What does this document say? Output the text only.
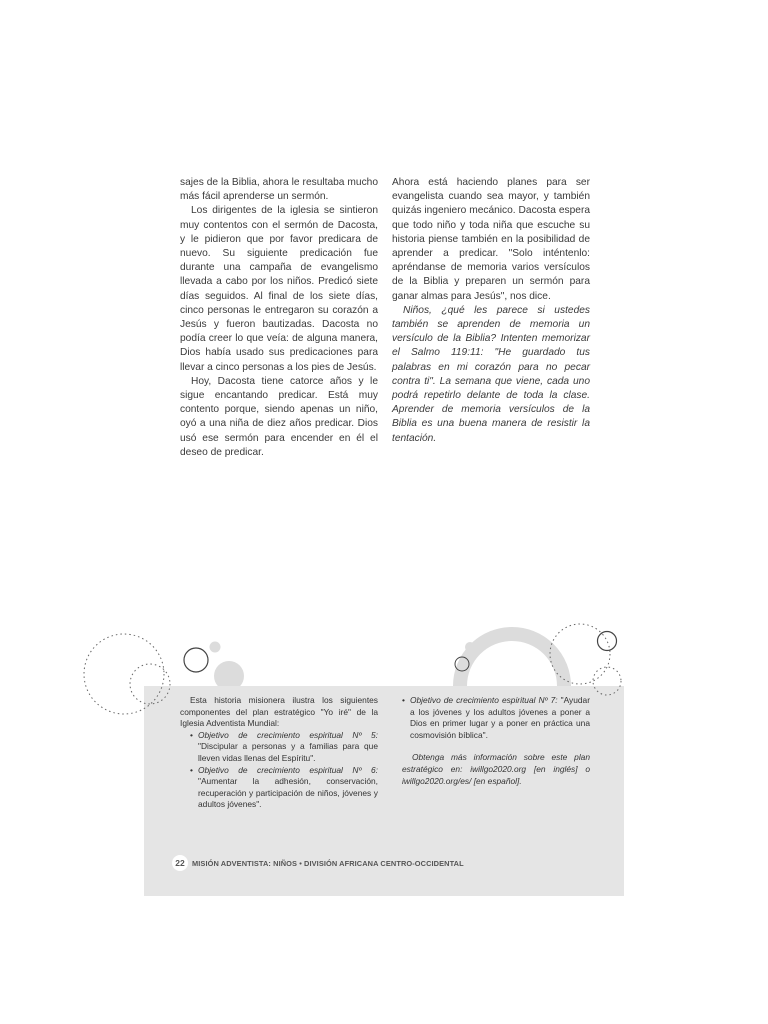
sajes de la Biblia, ahora le resultaba mucho más fácil aprenderse un sermón.

Los dirigentes de la iglesia se sintieron muy contentos con el sermón de Dacosta, y le pidieron que por favor predicara de nuevo. Su siguiente predicación fue durante una campaña de evangelismo llevada a cabo por los niños. Predicó siete días seguidos. Al final de los siete días, cinco personas le entregaron su corazón a Jesús y fueron bautizadas. Dacosta no podía creer lo que veía: de alguna manera, Dios había usado sus predicaciones para llevar a cinco personas a los pies de Jesús.

Hoy, Dacosta tiene catorce años y le sigue encantando predicar. Está muy contento porque, siendo apenas un niño, oyó a una niña de diez años predicar. Dios usó ese sermón para encender en él el deseo de predicar.

Ahora está haciendo planes para ser evangelista cuando sea mayor, y también quizás ingeniero mecánico. Dacosta espera que todo niño y toda niña que escuche su historia piense también en la posibilidad de aprender a predicar. "Solo inténtenlo: apréndanse de memoria varios versículos de la Biblia y preparen un sermón para ganar almas para Jesús", nos dice.

Niños, ¿qué les parece si ustedes también se aprenden de memoria un versículo de la Biblia? Intenten memorizar el Salmo 119:11: "He guardado tus palabras en mi corazón para no pecar contra ti". La semana que viene, cada uno podrá repetirlo delante de toda la clase. Aprender de memoria versículos de la Biblia es una buena manera de resistir la tentación.

Esta historia misionera ilustra los siguientes componentes del plan estratégico "Yo iré" de la Iglesia Adventista Mundial:

• Objetivo de crecimiento espiritual Nº 5: "Discipular a personas y a familias para que lleven vidas llenas del Espíritu".
• Objetivo de crecimiento espiritual Nº 6: "Aumentar la adhesión, conservación, recuperación y participación de niños, jóvenes y adultos jóvenes".
• Objetivo de crecimiento espiritual Nº 7: "Ayudar a los jóvenes y los adultos jóvenes a poner a Dios en primer lugar y a poner en práctica una cosmovisión bíblica".

Obtenga más información sobre este plan estratégico en: iwillgo2020.org [en inglés] o iwillgo2020.org/es/ [en español].

22 MISIÓN ADVENTISTA: NIÑOS • DIVISIÓN AFRICANA CENTRO-OCCIDENTAL
